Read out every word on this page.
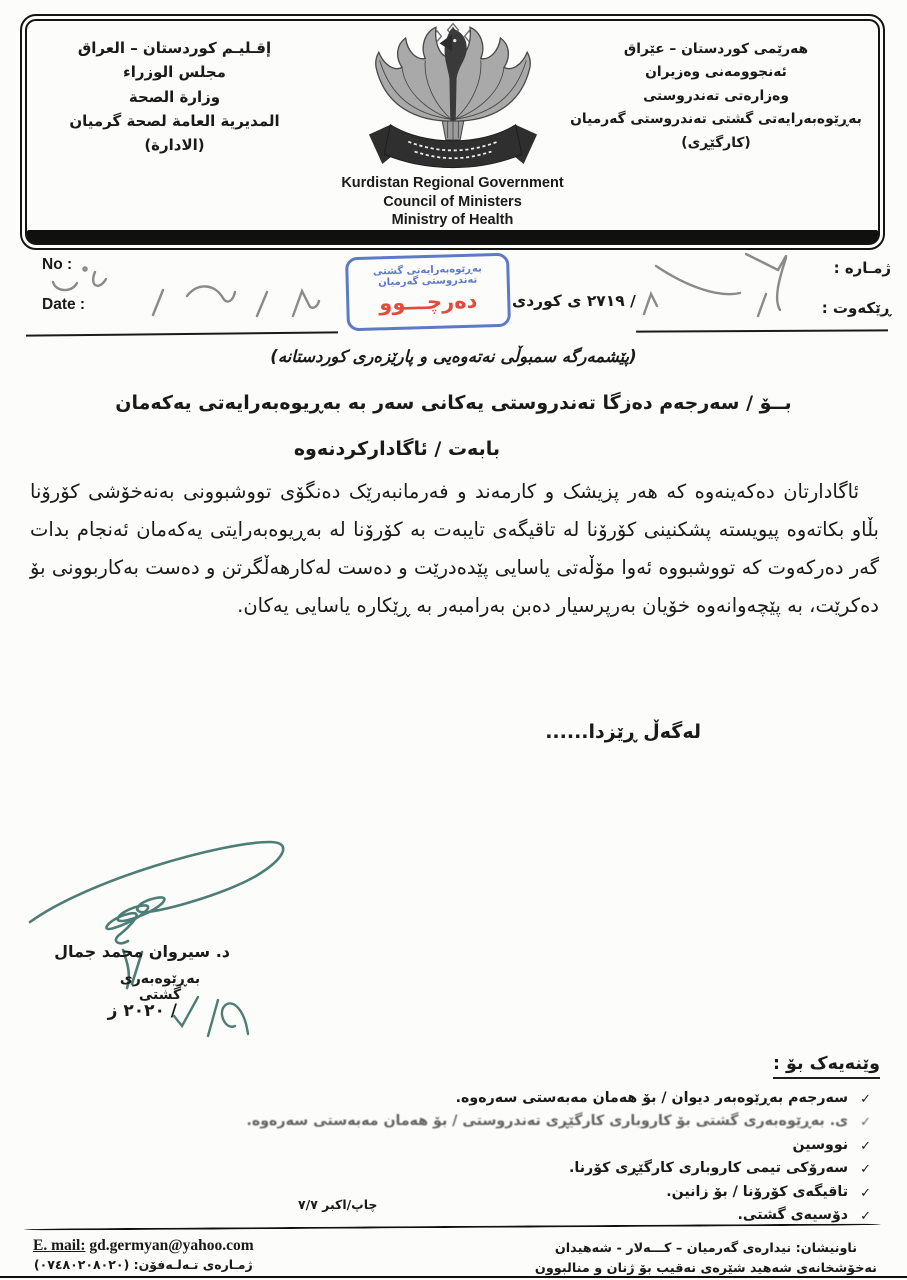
إقـليـم كوردستان – العراق
مجلس الوزراء
وزارة الصحة
المديرية العامة لصحة گرميان
(الادارة)
Kurdistan Regional Government
Council of Ministers
Ministry of Health
هەرێمی کوردستان – عێراق
ئەنجوومەنی وەزیران
وەزارەتی تەندروستی
بەڕێوەبەرایەتی گشتی تەندروستی گەرمیان
(کارگێڕی)
No :
Date :
بەڕێوەبەرایەتی گشتی تەندروستی گەرمیان
دەرچـــوو	/ ٢٧١٩ ی کوردی
ژمـاره :
ڕێکەوت :
(پێشمەرگە سمبوڵی نەتەوەیی و پارێزەری کوردستانە)
بــۆ / سەرجەم دەزگا تەندروستی یەکانی سەر بە بەڕیوەبەرایەتی یەکەمان
بابەت / ئاگادارکردنەوە
ئاگادارتان دەکەینەوە کە هەر پزیشک و کارمەند و فەرمانبەرێک دەنگۆی تووشبوونی بەنەخۆشی کۆرۆنا بڵاو بکاتەوە پیویستە پشکنینی کۆرۆنا لە تاقیگەی تایبەت بە کۆرۆنا لە بەڕیوەبەرایتی یەکەمان ئەنجام بدات گەر دەرکەوت کە تووشبووە ئەوا مۆڵەتی یاسایی پێدەدرێت و دەست لەکارهەڵگرتن و دەست بەکاربوونی بۆ دەکرێت، بە پێچەوانەوە خۆیان بەرپرسیار دەبن بەرامبەر بە ڕێکارە یاسایی یەکان.
لەگەڵ ڕێزدا......
د. سیروان محمد جمال
بەڕێوەبەری گشتی
/ ٢٠٢٠ ز
وێنەیەک بۆ :
✓
سەرجەم بەڕێوەبەر دیوان / بۆ هەمان مەبەستی سەرەوە.
✓
ی. بەڕێوەبەری گشتی بۆ کاروباری کارگێڕی تەندروستی / بۆ هەمان مەبەستی سەرەوە.
✓
نووسین
✓
سەرۆکی تیمی کاروباری کارگێڕی کۆرنا.
✓
تاقیگەی کۆرۆنا / بۆ زانین.
✓
دۆسیەی گشتی.
چاپ/اکبر ٧/٧
E. mail: gd.germyan@yahoo.com
ژمـارەی تـەلـەفۆن: (٠٧٤٨٠٢٠٨٠٢٠)
ناونیشان: نیدارەی گەرمیان – کـــەلار - شەهیدان
نەخۆشخانەی شەهید شێرەی نەقیب بۆ ژنان و منالبوون
